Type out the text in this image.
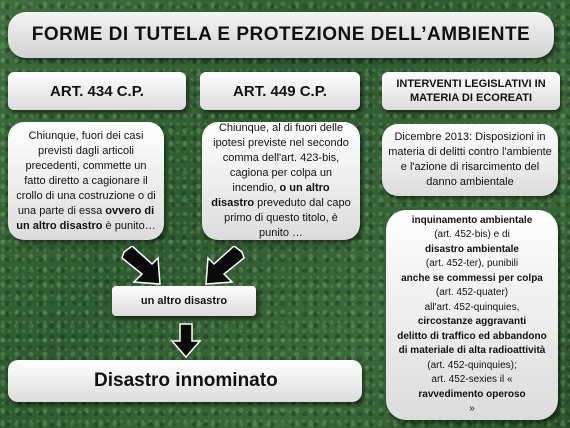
FORME DI TUTELA E PROTEZIONE DELL’AMBIENTE
ART. 434 C.P.
Chiunque, fuori dei casi previsti dagli articoli precedenti, commette un fatto diretto a cagionare il crollo di una costruzione o di una parte di essa ovvero di un altro disastro è punito…
ART. 449 C.P.
Chiunque, al di fuori delle ipotesi previste nel secondo comma dell'art. 423-bis, cagiona per colpa un incendio, o un altro disastro preveduto dal capo primo di questo titolo, è punito …
INTERVENTI LEGISLATIVI IN MATERIA DI ECOREATI
Dicembre 2013: Disposizioni in materia di delitti contro l'ambiente e l'azione di risarcimento del danno ambientale
inquinamento ambientale
(art. 452-bis) e di
disastro ambientale
(art. 452-ter), punibili
anche se commessi per colpa
(art. 452-quater)
all'art. 452-quinquies,
circostanze aggravanti
delitto di traffico ed abbandono di materiale di alta radioattività
(art. 452-quinquies);
art. 452-sexies il «
ravvedimento operoso
»
un altro disastro
Disastro innominato
